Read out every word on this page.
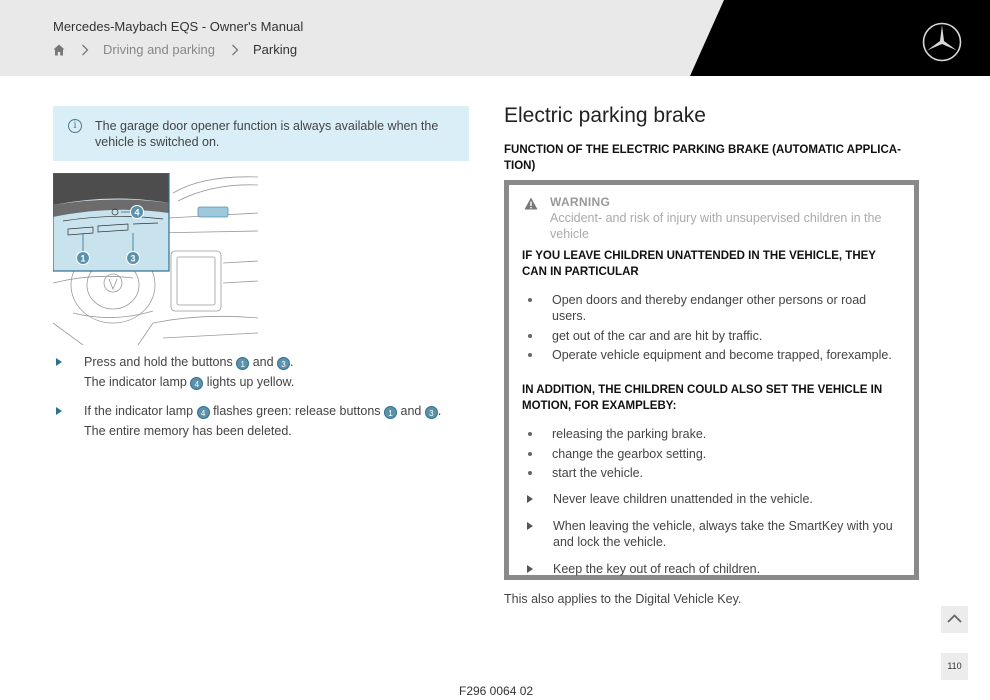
Mercedes-Maybach EQS - Owner's Manual
Driving and parking	Parking
i	The garage door opener function is always available when the vehicle is switched on.
4
1	3
Press and hold the buttons 1 and 3 .
The indicator lamp 4 lights up yellow.
If the indicator lamp 4 flashes green: release buttons 1 and 3 .
The entire memory has been deleted.
Electric parking brake
FUNCTION OF THE ELECTRIC PARKING BRAKE (AUTOMATIC APPLICA-TION)
WARNING
Accident- and risk of injury with unsupervised children in the vehicle
IF YOU LEAVE CHILDREN UNATTENDED IN THE VEHICLE, THEY CAN IN PARTICULAR
Open doors and thereby endanger other persons or road users.
get out of the car and are hit by traffic.
Operate vehicle equipment and become trapped, forexample.
IN ADDITION, THE CHILDREN COULD ALSO SET THE VEHICLE IN MOTION, FOR EXAMPLEBY:
releasing the parking brake.
change the gearbox setting.
start the vehicle.
Never leave children unattended in the vehicle.
When leaving the vehicle, always take the SmartKey with you and lock the vehicle.
Keep the key out of reach of children.
This also applies to the Digital Vehicle Key.
110
F296 0064 02
